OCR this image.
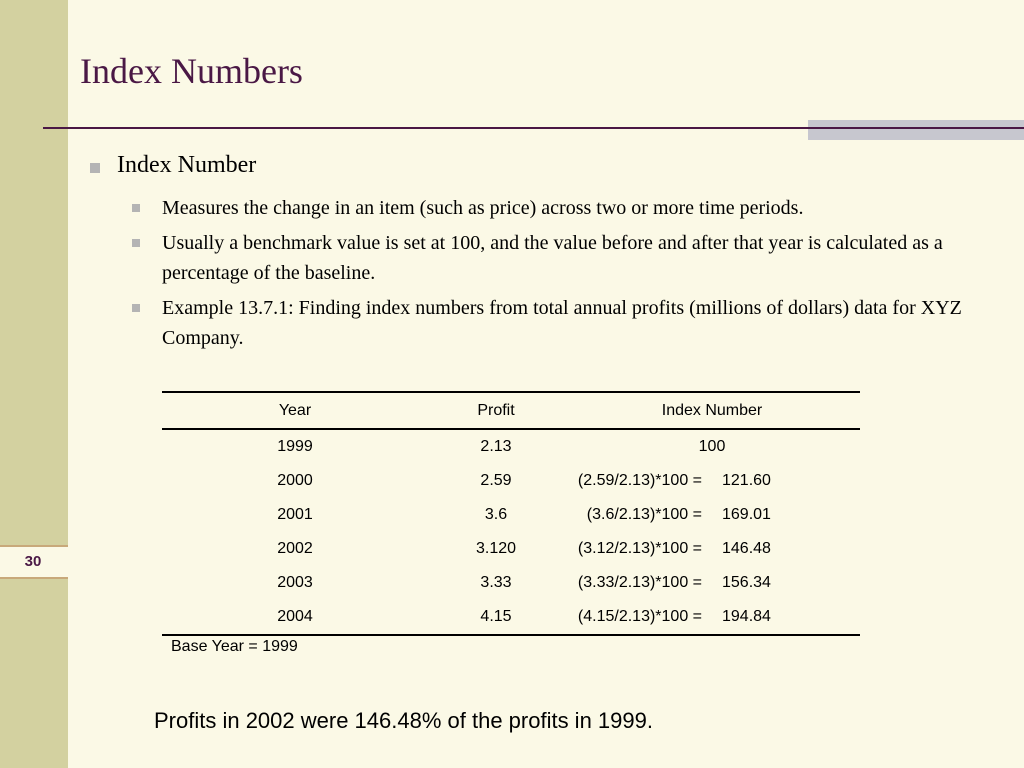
30
Index Numbers
Index Number
Measures the change in an item (such as price) across two or more time periods.
Usually a benchmark value is set at 100, and the value before and after that year is calculated as a percentage of the baseline.
Example 13.7.1: Finding index numbers from total annual profits (millions of dollars) data for XYZ Company.
Year	Profit	Index Number	
1999	2.13	100	
2000	2.59	(2.59/2.13)*100 =	121.60
2001	3.6	(3.6/2.13)*100 =	169.01
2002	3.120	(3.12/2.13)*100 =	146.48
2003	3.33	(3.33/2.13)*100 =	156.34
2004	4.15	(4.15/2.13)*100 =	194.84
Base Year = 1999
Profits in 2002 were 146.48% of the profits in 1999.
